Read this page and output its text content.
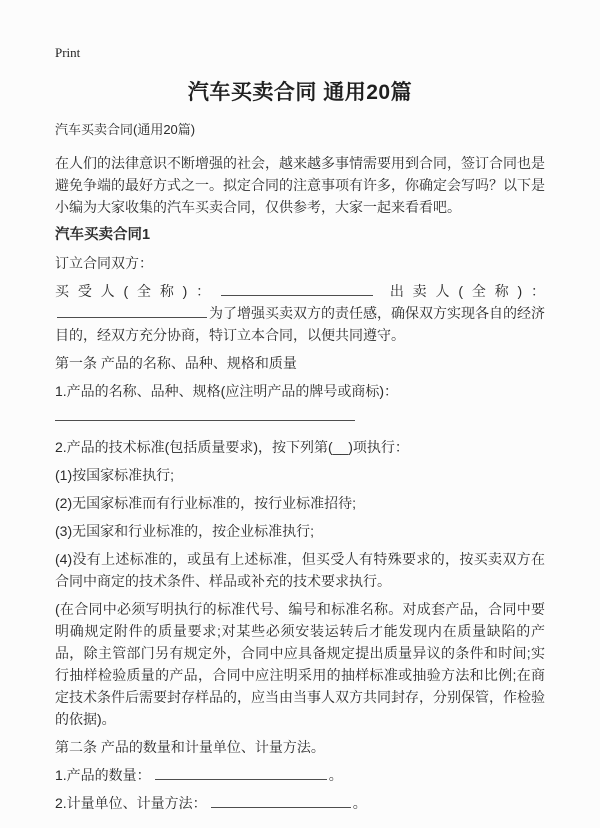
Print
汽车买卖合同 通用20篇

汽车买卖合同(通用20篇)

在人们的法律意识不断增强的社会，越来越多事情需要用到合同，签订合同也是避免争端的最好方式之一。拟定合同的注意事项有许多，你确定会写吗？以下是小编为大家收集的汽车买卖合同，仅供参考，大家一起来看看吧。

汽车买卖合同1

订立合同双方：

买受人(全称)：	出卖人(全称)：为了增强买卖双方的责任感，确保双方实现各自的经济目的，经双方充分协商，特订立本合同，以便共同遵守。

第一条 产品的名称、品种、规格和质量

1.产品的名称、品种、规格(应注明产品的牌号或商标)：

2.产品的技术标准(包括质量要求)，按下列第(__)项执行：

(1)按国家标准执行;

(2)无国家标准而有行业标准的，按行业标准招待;

(3)无国家和行业标准的，按企业标准执行;

(4)没有上述标准的，或虽有上述标准，但买受人有特殊要求的，按买卖双方在合同中商定的技术条件、样品或补充的技术要求执行。

(在合同中必须写明执行的标准代号、编号和标准名称。对成套产品，合同中要明确规定附件的质量要求;对某些必须安装运转后才能发现内在质量缺陷的产品，除主管部门另有规定外，合同中应具备规定提出质量异议的条件和时间;实行抽样检验质量的产品，合同中应注明采用的抽样标准或抽验方法和比例;在商定技术条件后需要封存样品的，应当由当事人双方共同封存，分别保管，作检验的依据)。

第二条 产品的数量和计量单位、计量方法。

1.产品的数量：	。

2.计量单位、计量方法：	。
